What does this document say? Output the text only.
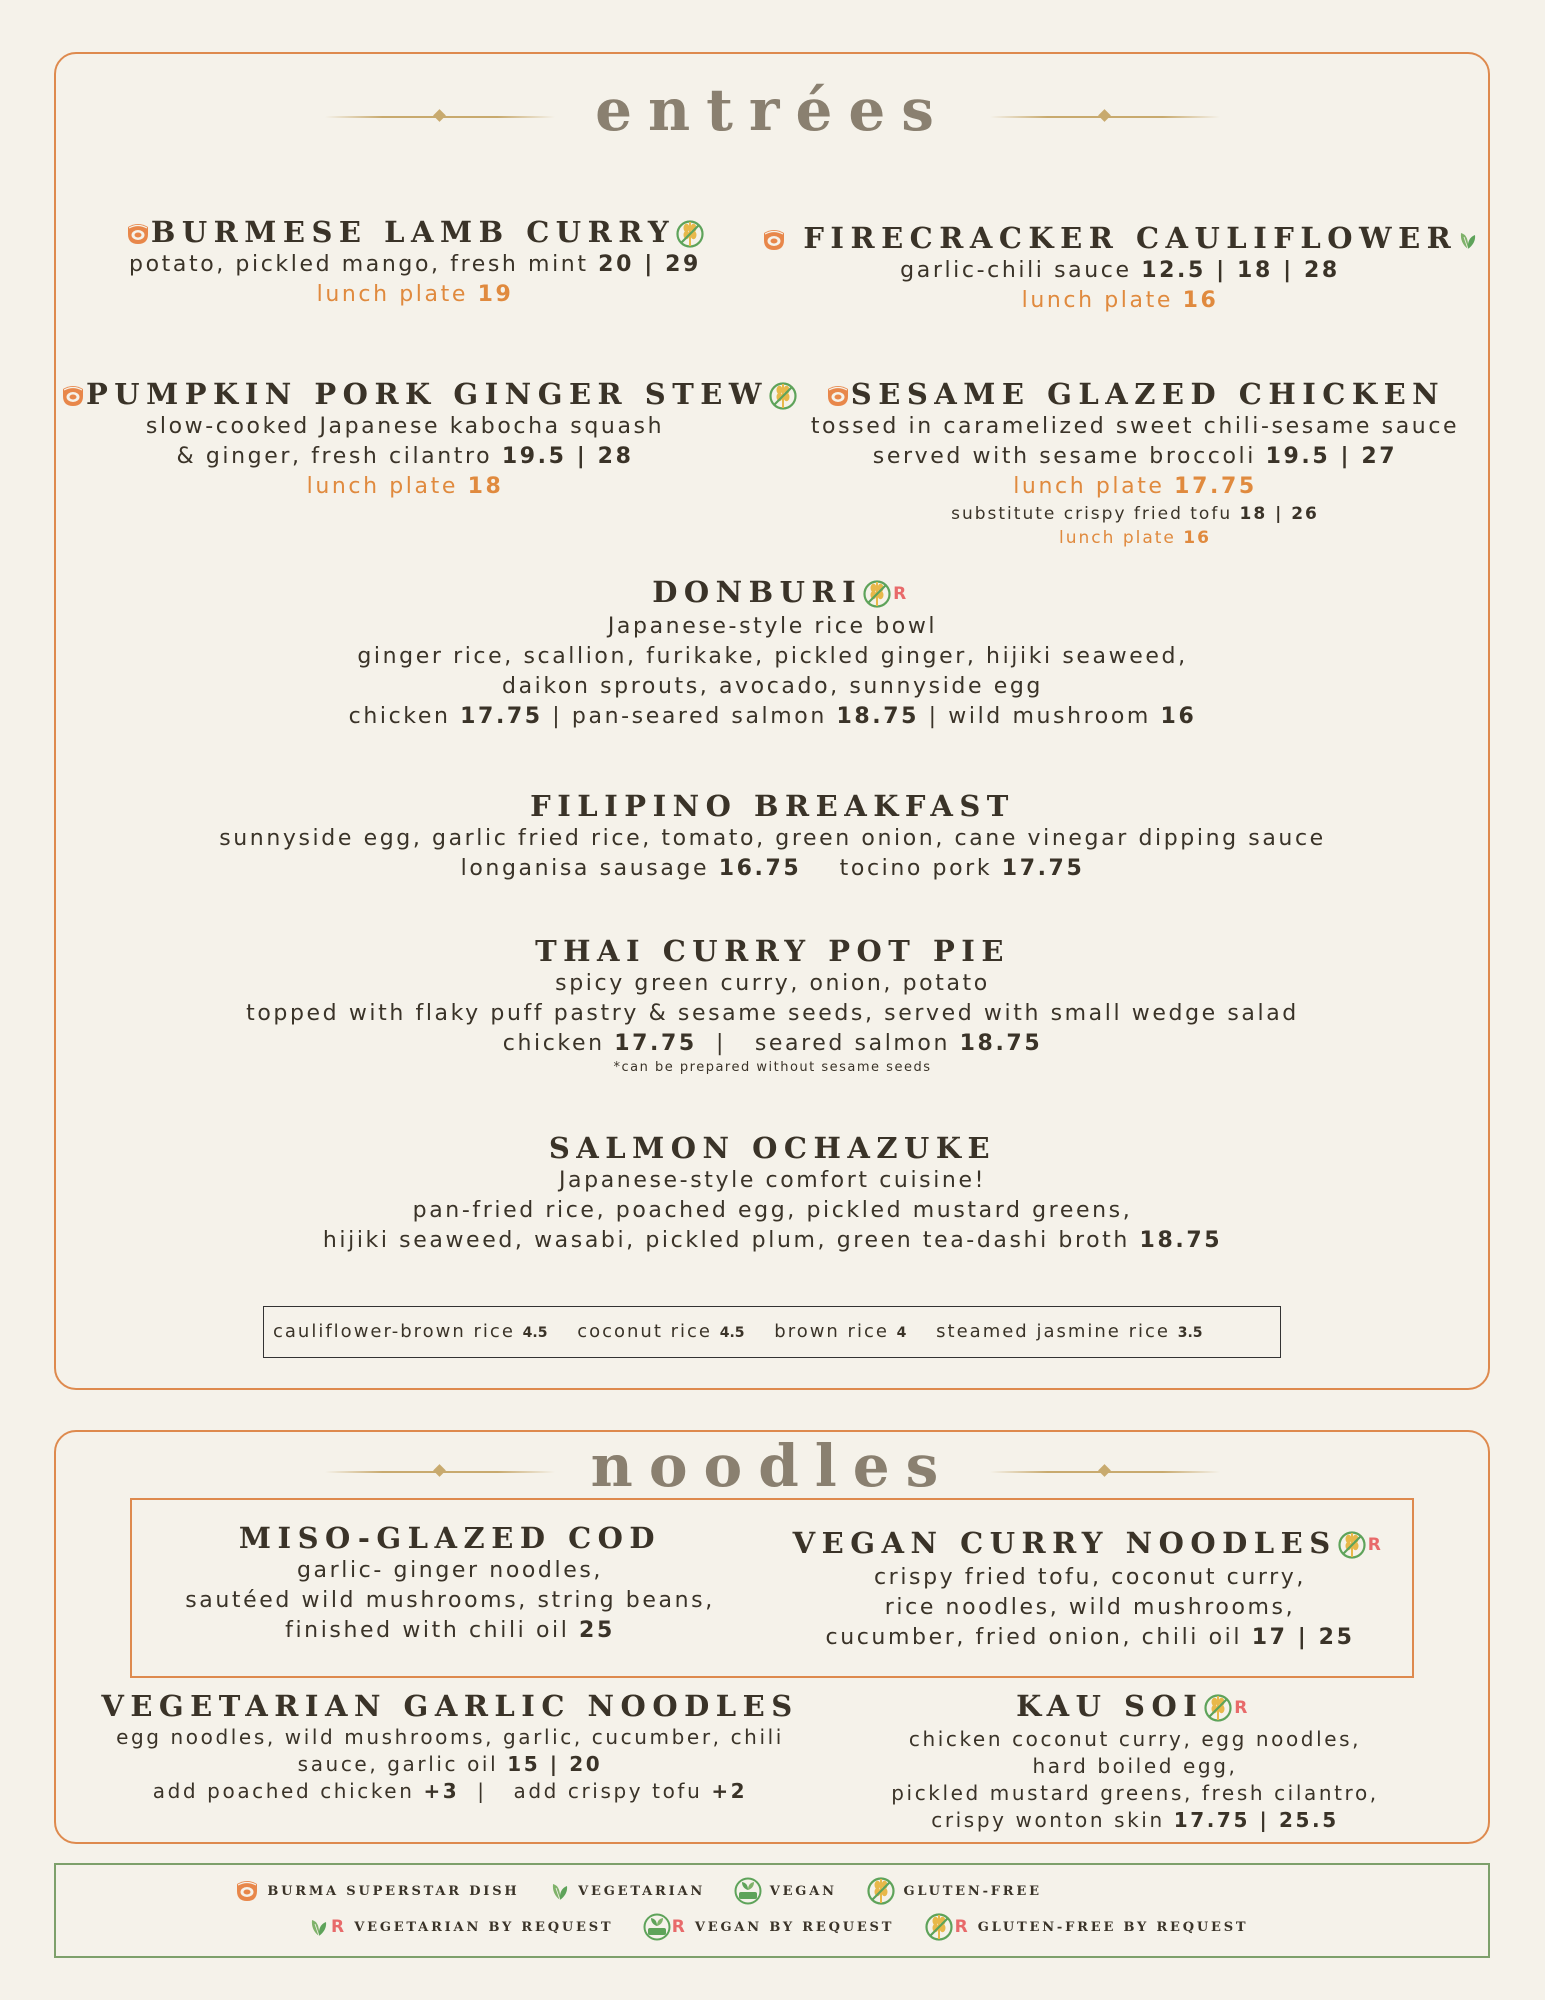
entrées
BURMESE LAMB CURRY
potato, pickled mango, fresh mint 20 | 29
lunch plate 19
FIRECRACKER CAULIFLOWER
garlic-chili sauce 12.5 | 18 | 28
lunch plate 16
PUMPKIN PORK GINGER STEW
slow-cooked Japanese kabocha squash
& ginger, fresh cilantro 19.5 | 28
lunch plate 18
SESAME GLAZED CHICKEN
tossed in caramelized sweet chili-sesame sauce
served with sesame broccoli 19.5 | 27
lunch plate 17.75
substitute crispy fried tofu 18 | 26
lunch plate 16
DONBURI R
Japanese-style rice bowl
ginger rice, scallion, furikake, pickled ginger, hijiki seaweed,
daikon sprouts, avocado, sunnyside egg
chicken 17.75 | pan-seared salmon 18.75 | wild mushroom 16
FILIPINO BREAKFAST
sunnyside egg, garlic fried rice, tomato, green onion, cane vinegar dipping sauce
longanisa sausage 16.75 tocino pork 17.75
THAI CURRY POT PIE
spicy green curry, onion, potato
topped with flaky puff pastry & sesame seeds, served with small wedge salad
chicken 17.75  |   seared salmon 18.75
*can be prepared without sesame seeds
SALMON OCHAZUKE
Japanese-style comfort cuisine!
pan-fried rice, poached egg, pickled mustard greens,
hijiki seaweed, wasabi, pickled plum, green tea-dashi broth 18.75
cauliflower-brown rice 4.5 coconut rice 4.5 brown rice 4 steamed jasmine rice 3.5
noodles
MISO-GLAZED COD
garlic- ginger noodles,
sautéed wild mushrooms, string beans,
finished with chili oil 25
VEGAN CURRY NOODLES R
crispy fried tofu, coconut curry,
rice noodles, wild mushrooms,
cucumber, fried onion, chili oil 17 | 25
VEGETARIAN GARLIC NOODLES
egg noodles, wild mushrooms, garlic, cucumber, chili
sauce, garlic oil 15 | 20
add poached chicken +3  |   add crispy tofu +2
KAU SOI R
chicken coconut curry, egg noodles,
hard boiled egg,
pickled mustard greens, fresh cilantro,
crispy wonton skin 17.75 | 25.5
BURMA SUPERSTAR DISH	VEGETARIAN	VEGAN	GLUTEN-FREE
R VEGETARIAN BY REQUEST	R VEGAN BY REQUEST	R GLUTEN-FREE BY REQUEST
